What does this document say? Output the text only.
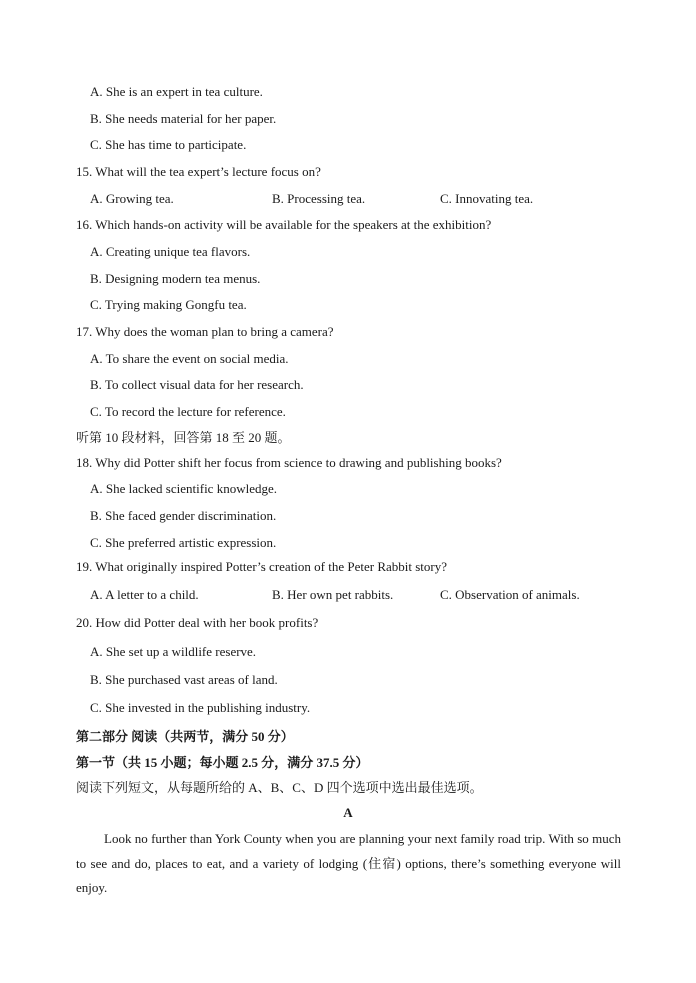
A. She is an expert in tea culture.
B. She needs material for her paper.
C. She has time to participate.
15. What will the tea expert’s lecture focus on?
A. Growing tea.	B. Processing tea.	C. Innovating tea.
16. Which hands-on activity will be available for the speakers at the exhibition?
A. Creating unique tea flavors.
B. Designing modern tea menus.
C. Trying making Gongfu tea.
17. Why does the woman plan to bring a camera?
A. To share the event on social media.
B. To collect visual data for her research.
C. To record the lecture for reference.
听第 10 段材料，回答第 18 至 20 题。
18. Why did Potter shift her focus from science to drawing and publishing books?
A. She lacked scientific knowledge.
B. She faced gender discrimination.
C. She preferred artistic expression.
19. What originally inspired Potter’s creation of the Peter Rabbit story?
A. A letter to a child.	B. Her own pet rabbits.	C. Observation of animals.
20. How did Potter deal with her book profits?
A. She set up a wildlife reserve.
B. She purchased vast areas of land.
C. She invested in the publishing industry.
第二部分 阅读（共两节，满分 50 分）
第一节（共 15 小题；每小题 2.5 分，满分 37.5 分）
阅读下列短文，从每题所给的 A、B、C、D 四个选项中选出最佳选项。
A
Look no further than York County when you are planning your next family road trip. With so much to see and do, places to eat, and a variety of lodging (住宿) options, there’s something everyone will enjoy.
